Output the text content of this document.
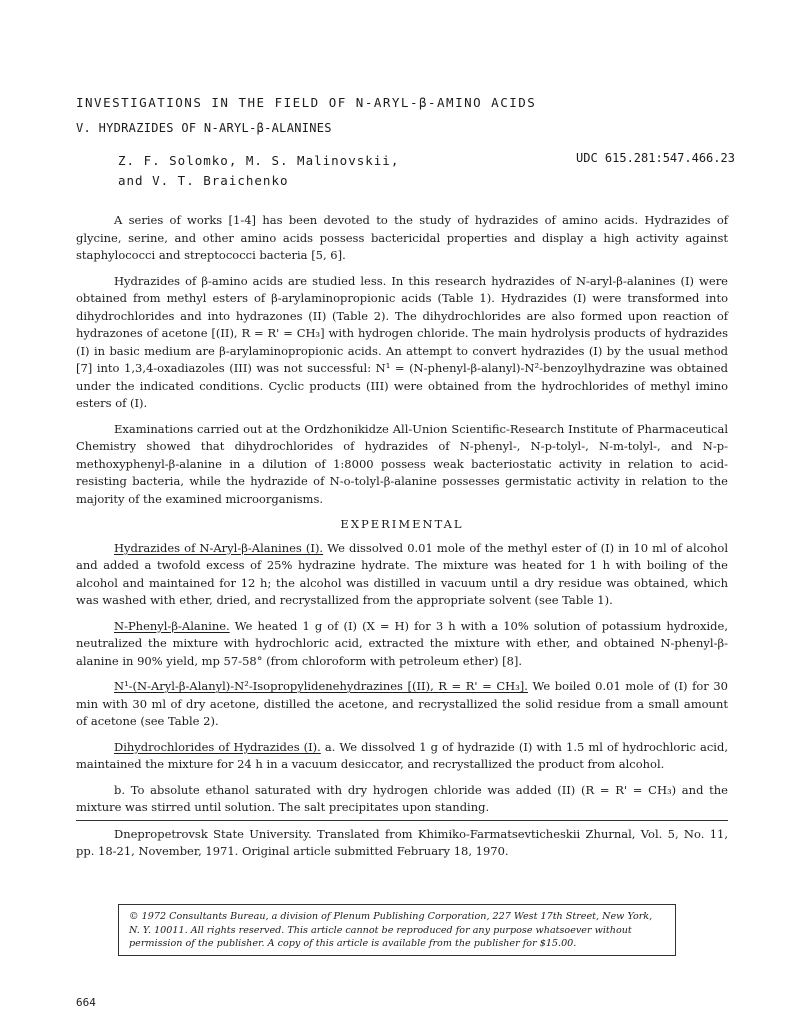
INVESTIGATIONS IN THE FIELD OF N-ARYL-β-AMINO ACIDS
V. HYDRAZIDES OF N-ARYL-β-ALANINES
Z. F. Solomko, M. S. Malinovskii,
and V. T. Braichenko
UDC 615.281:547.466.23

A series of works [1-4] has been devoted to the study of hydrazides of amino acids. Hydrazides of glycine, serine, and other amino acids possess bactericidal properties and display a high activity against staphylococci and streptococci bacteria [5, 6].

Hydrazides of β-amino acids are studied less. In this research hydrazides of N-aryl-β-alanines (I) were obtained from methyl esters of β-arylaminopropionic acids (Table 1). Hydrazides (I) were transformed into dihydrochlorides and into hydrazones (II) (Table 2). The dihydrochlorides are also formed upon reaction of hydrazones of acetone [(II), R = R' = CH₃] with hydrogen chloride. The main hydrolysis products of hydrazides (I) in basic medium are β-arylaminopropionic acids. An attempt to convert hydrazides (I) by the usual method [7] into 1,3,4-oxadiazoles (III) was not successful: N¹ = (N-phenyl-β-alanyl)-N²-benzoylhydrazine was obtained under the indicated conditions. Cyclic products (III) were obtained from the hydrochlorides of methyl imino esters of (I).

Examinations carried out at the Ordzhonikidze All-Union Scientific-Research Institute of Pharmaceutical Chemistry showed that dihydrochlorides of hydrazides of N-phenyl-, N-p-tolyl-, N-m-tolyl-, and N-p-methoxyphenyl-β-alanine in a dilution of 1:8000 possess weak bacteriostatic activity in relation to acid-resisting bacteria, while the hydrazide of N-o-tolyl-β-alanine possesses germistatic activity in relation to the majority of the examined microorganisms.

EXPERIMENTAL

Hydrazides of N-Aryl-β-Alanines (I). We dissolved 0.01 mole of the methyl ester of (I) in 10 ml of alcohol and added a twofold excess of 25% hydrazine hydrate. The mixture was heated for 1 h with boiling of the alcohol and maintained for 12 h; the alcohol was distilled in vacuum until a dry residue was obtained, which was washed with ether, dried, and recrystallized from the appropriate solvent (see Table 1).

N-Phenyl-β-Alanine. We heated 1 g of (I) (X = H) for 3 h with a 10% solution of potassium hydroxide, neutralized the mixture with hydrochloric acid, extracted the mixture with ether, and obtained N-phenyl-β-alanine in 90% yield, mp 57-58° (from chloroform with petroleum ether) [8].

N¹-(N-Aryl-β-Alanyl)-N²-Isopropylidenehydrazines [(II), R = R' = CH₃]. We boiled 0.01 mole of (I) for 30 min with 30 ml of dry acetone, distilled the acetone, and recrystallized the solid residue from a small amount of acetone (see Table 2).

Dihydrochlorides of Hydrazides (I). a. We dissolved 1 g of hydrazide (I) with 1.5 ml of hydrochloric acid, maintained the mixture for 24 h in a vacuum desiccator, and recrystallized the product from alcohol.

b. To absolute ethanol saturated with dry hydrogen chloride was added (II) (R = R' = CH₃) and the mixture was stirred until solution. The salt precipitates upon standing.

Dnepropetrovsk State University. Translated from Khimiko-Farmatsevticheskii Zhurnal, Vol. 5, No. 11, pp. 18-21, November, 1971. Original article submitted February 18, 1970.
© 1972 Consultants Bureau, a division of Plenum Publishing Corporation, 227 West 17th Street, New York, N. Y. 10011. All rights reserved. This article cannot be reproduced for any purpose whatsoever without permission of the publisher. A copy of this article is available from the publisher for $15.00.
664
